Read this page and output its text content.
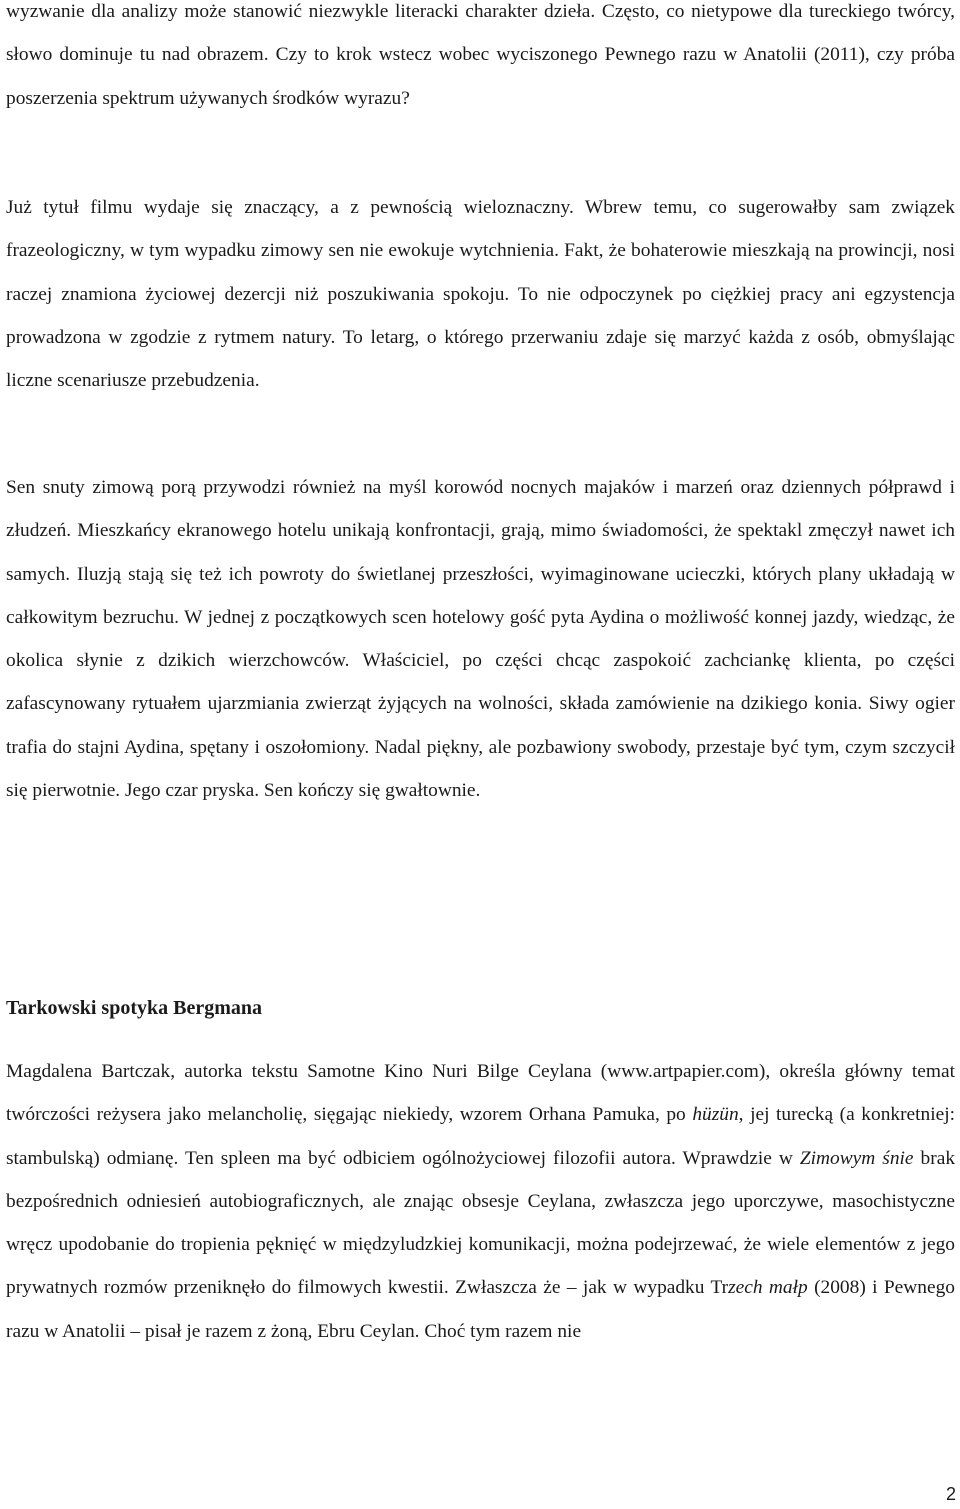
wyzwanie dla analizy może stanowić niezwykle literacki charakter dzieła. Często, co nietypowe dla tureckiego twórcy, słowo dominuje tu nad obrazem. Czy to krok wstecz wobec wyciszonego Pewnego razu w Anatolii (2011), czy próba poszerzenia spektrum używanych środków wyrazu?

Już tytuł filmu wydaje się znaczący, a z pewnością wieloznaczny. Wbrew temu, co sugerowałby sam związek frazeologiczny, w tym wypadku zimowy sen nie ewokuje wytchnienia. Fakt, że bohaterowie mieszkają na prowincji, nosi raczej znamiona życiowej dezercji niż poszukiwania spokoju. To nie odpoczynek po ciężkiej pracy ani egzystencja prowadzona w zgodzie z rytmem natury. To letarg, o którego przerwaniu zdaje się marzyć każda z osób, obmyślając liczne scenariusze przebudzenia.

Sen snuty zimową porą przywodzi również na myśl korowód nocnych majaków i marzeń oraz dziennych półprawd i złudzeń. Mieszkańcy ekranowego hotelu unikają konfrontacji, grają, mimo świadomości, że spektakl zmęczył nawet ich samych. Iluzją stają się też ich powroty do świetlanej przeszłości, wyimaginowane ucieczki, których plany układają w całkowitym bezruchu. W jednej z początkowych scen hotelowy gość pyta Aydina o możliwość konnej jazdy, wiedząc, że okolica słynie z dzikich wierzchowców. Właściciel, po części chcąc zaspokoić zachciankę klienta, po części zafascynowany rytuałem ujarzmiania zwierząt żyjących na wolności, składa zamówienie na dzikiego konia. Siwy ogier trafia do stajni Aydina, spętany i oszołomiony. Nadal piękny, ale pozbawiony swobody, przestaje być tym, czym szczycił się pierwotnie. Jego czar pryska. Sen kończy się gwałtownie.

Tarkowski spotyka Bergmana

Magdalena Bartczak, autorka tekstu Samotne Kino Nuri Bilge Ceylana (www.artpapier.com), określa główny temat twórczości reżysera jako melancholię, sięgając niekiedy, wzorem Orhana Pamuka, po hüzün, jej turecką (a konkretniej: stambulską) odmianę. Ten spleen ma być odbiciem ogólnożyciowej filozofii autora. Wprawdzie w Zimowym śnie brak bezpośrednich odniesień autobiograficznych, ale znając obsesje Ceylana, zwłaszcza jego uporczywe, masochistyczne wręcz upodobanie do tropienia pęknięć w międzyludzkiej komunikacji, można podejrzewać, że wiele elementów z jego prywatnych rozmów przeniknęło do filmowych kwestii. Zwłaszcza że – jak w wypadku Trzech małp (2008) i Pewnego razu w Anatolii – pisał je razem z żoną, Ebru Ceylan. Choć tym razem nie

2
